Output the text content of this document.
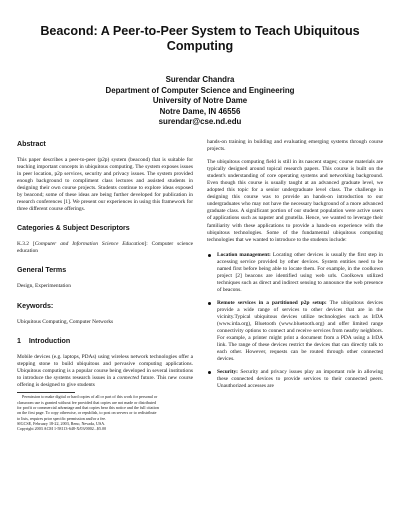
Beacond: A Peer-to-Peer System to Teach Ubiquitous
Computing
Surendar Chandra
Department of Computer Science and Engineering
University of Notre Dame
Notre Dame, IN 46556
surendar@cse.nd.edu
Abstract

This paper describes a peer-to-peer (p2p) system (beacond) that is suitable for teaching important concepts in ubiquitous computing. The system exposes issues in peer location, p2p services, security and privacy issues. The system provided enough background to compliment class lectures and assisted students in designing their own course projects. Students continue to explore ideas exposed by beacond; some of these ideas are being further developed for publication in research conferences [1]. We present our experiences in using this framework for three different course offerings.

Categories & Subject Descriptors

K.3.2 [Computer and Information Science Education]: Computer science education

General Terms

Design, Experimentation

Keywords:

Ubiquitous Computing, Computer Networks

1    Introduction

Mobile devices (e.g. laptops, PDAs) using wireless network technologies offer a stepping stone to build ubiquitous and pervasive computing applications. Ubiquitous computing is a popular course being developed in several institutions to introduce the systems research issues in a connected future. This new course offering is designed to give students

Permission to make digital or hard copies of all or part of this work for personal or
classroom use is granted without fee provided that copies are not made or distributed
for profit or commercial advantage and that copies bear this notice and the full citation
on the first page. To copy otherwise, or republish, to post on servers or to redistribute
to lists, requires prior specific permission and/or a fee.
SIGCSE, February 18-22, 2003, Reno, Nevada, USA.
Copyright 2003 ACM 1-58113-648-X/03/0002...$5.00

hands-on training in building and evaluating emerging systems through course projects.

The ubiquitous computing field is still in its nascent stages; course materials are typically designed around topical research papers. This course is built on the student's understanding of core operating systems and networking background. Even though this course is usually taught at an advanced graduate level, we adopted this topic for a senior undergraduate level class. The challenge in designing this course was to provide an hands-on introduction to our undergraduates who may not have the necessary background of a more advanced graduate class. A significant portion of our student population were active users of applications such as napster and gnutella. Hence, we wanted to leverage their familiarity with these applications to provide a hands-on experience with the ubiquitous technologies. Some of the fundamental ubiquitous computing technologies that we wanted to introduce to the students include:

Location management: Locating other devices is usually the first step in accessing service provided by other devices. System entities need to be named first before being able to locate them. For example, in the coolkown project [2] beacons are identified using web urls. Coolkown utilized techniques such as direct and indirect sensing to announce the web presence of beacons.
Remote services in a partitioned p2p setup: The ubiquitous devices provide a wide range of services to other devices that are in the vicinity.Typical ubiquitous devices utilize technologies such as IrDA (www.irda.org), Bluetooth (www.bluetooth.org) and offer limited range connectivity options to connect and receive services from nearby neighbors. For example, a printer might print a document from a PDA using a IrDA link. The range of these devices restrict the devices that can directly talk to each other. However, requests can be routed through other connected devices.
Security: Security and privacy issues play an important role in allowing these connected devices to provide services to their connected peers. Unauthorized accesses are
